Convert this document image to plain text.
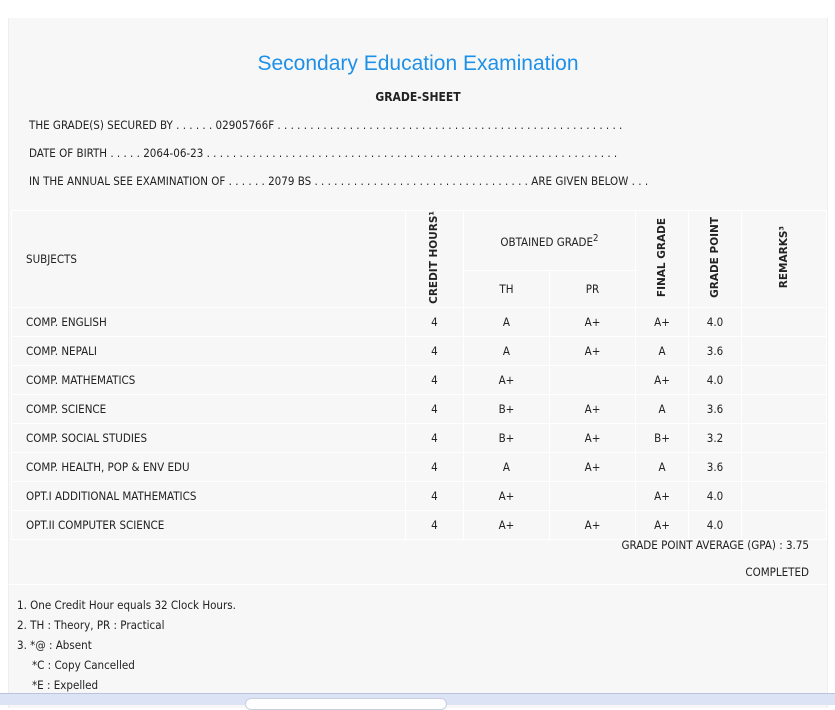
Secondary Education Examination
GRADE-SHEET
THE GRADE(S) SECURED BY . . . . . . 02905766F . . . . . . . . . . . . . . . . . . . . . . . . . . . . . . . . . . . . . . . . . . . . . . . . . . . . .
DATE OF BIRTH . . . . . 2064-06-23 . . . . . . . . . . . . . . . . . . . . . . . . . . . . . . . . . . . . . . . . . . . . . . . . . . . . . . . . . . . . . . .
IN THE ANNUAL SEE EXAMINATION OF . . . . . . 2079 BS . . . . . . . . . . . . . . . . . . . . . . . . . . . . . . . . . ARE GIVEN BELOW . . .
SUBJECTS	CREDIT HOURS¹	OBTAINED GRADE$^2$		FINAL GRADE	GRADE POINT	REMARKS³
		TH	PR			
COMP. ENGLISH	4	A	A+	A+	4.0	
COMP. NEPALI	4	A	A+	A	3.6	
COMP. MATHEMATICS	4	A+		A+	4.0	
COMP. SCIENCE	4	B+	A+	A	3.6	
COMP. SOCIAL STUDIES	4	B+	A+	B+	3.2	
COMP. HEALTH, POP & ENV EDU	4	A	A+	A	3.6	
OPT.I ADDITIONAL MATHEMATICS	4	A+		A+	4.0	
OPT.II COMPUTER SCIENCE	4	A+	A+	A+	4.0	
GRADE POINT AVERAGE (GPA) : 3.75
COMPLETED
1. One Credit Hour equals 32 Clock Hours.
2. TH : Theory, PR : Practical
3. *@ : Absent
*C : Copy Cancelled
*E : Expelled
